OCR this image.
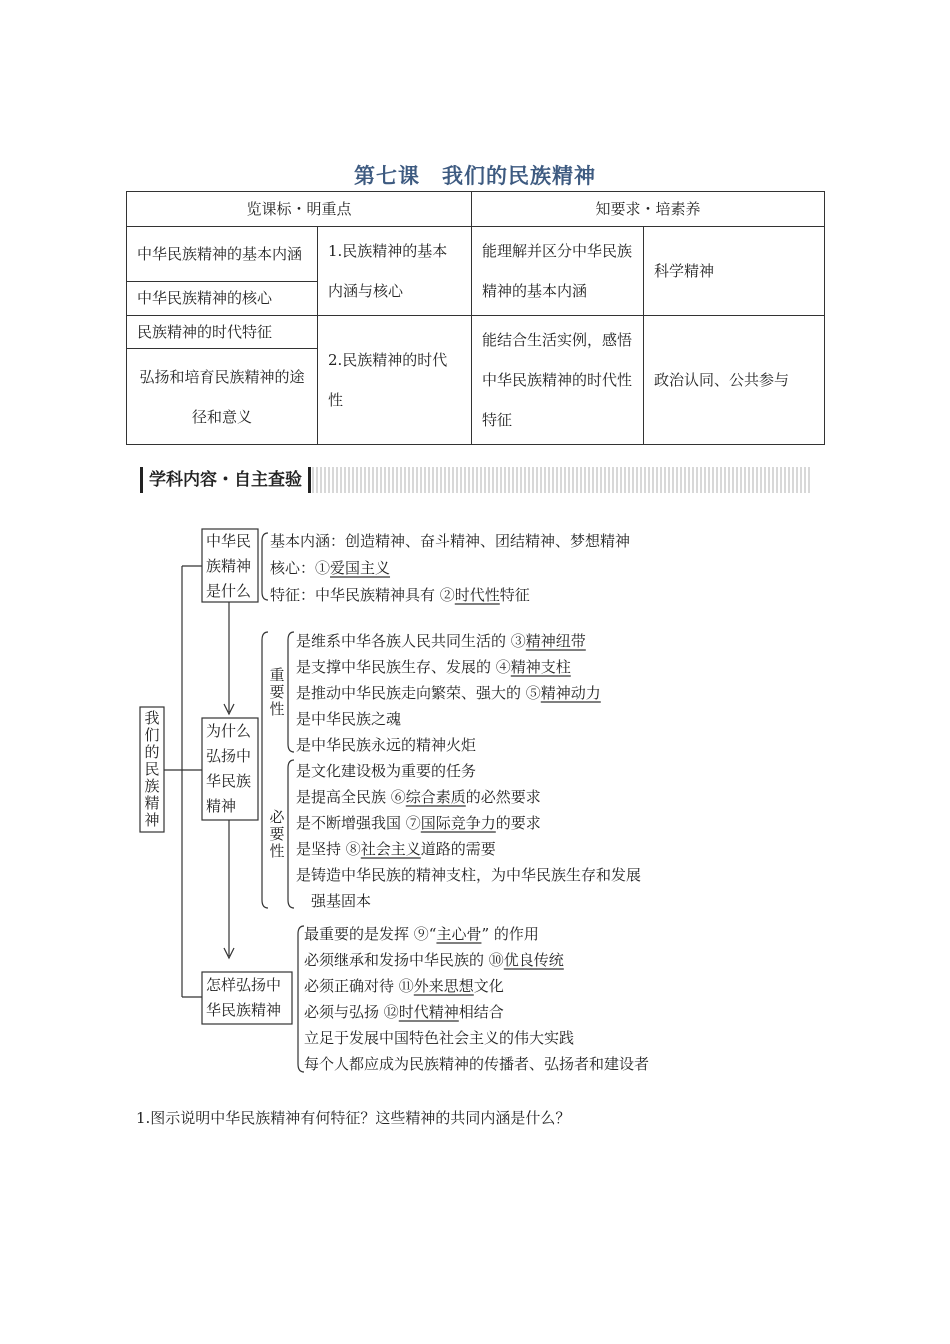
第七课　我们的民族精神
览课标・明重点		知要求・培素养	
中华民族精神的基本内涵	1.民族精神的基本内涵与核心	能理解并区分中华民族精神的基本内涵	科学精神
中华民族精神的核心			
民族精神的时代特征	2.民族精神的时代性	能结合生活实例，感悟中华民族精神的时代性特征	政治认同、公共参与
弘扬和培育民族精神的途径和意义			
学科内容・自主查验
我
们
的
民
族
精
神
中华民
族精神
是什么
基本内涵：创造精神、奋斗精神、团结精神、梦想精神
核心：①爱国主义
特征：中华民族精神具有 ②时代性特征
为什么
弘扬中
华民族
精神
重
要
性
是维系中华各族人民共同生活的 ③精神纽带
是支撑中华民族生存、发展的 ④精神支柱
是推动中华民族走向繁荣、强大的 ⑤精神动力
是中华民族之魂
是中华民族永远的精神火炬
必
要
性
是文化建设极为重要的任务
是提高全民族 ⑥综合素质的必然要求
是不断增强我国 ⑦国际竞争力的要求
是坚持 ⑧社会主义道路的需要
是铸造中华民族的精神支柱，为中华民族生存和发展
　强基固本
怎样弘扬中
华民族精神
最重要的是发挥 ⑨“主心骨” 的作用
必须继承和发扬中华民族的 ⑩优良传统
必须正确对待 ⑪外来思想文化
必须与弘扬 ⑫时代精神相结合
立足于发展中国特色社会主义的伟大实践
每个人都应成为民族精神的传播者、弘扬者和建设者
1.图示说明中华民族精神有何特征？这些精神的共同内涵是什么？
